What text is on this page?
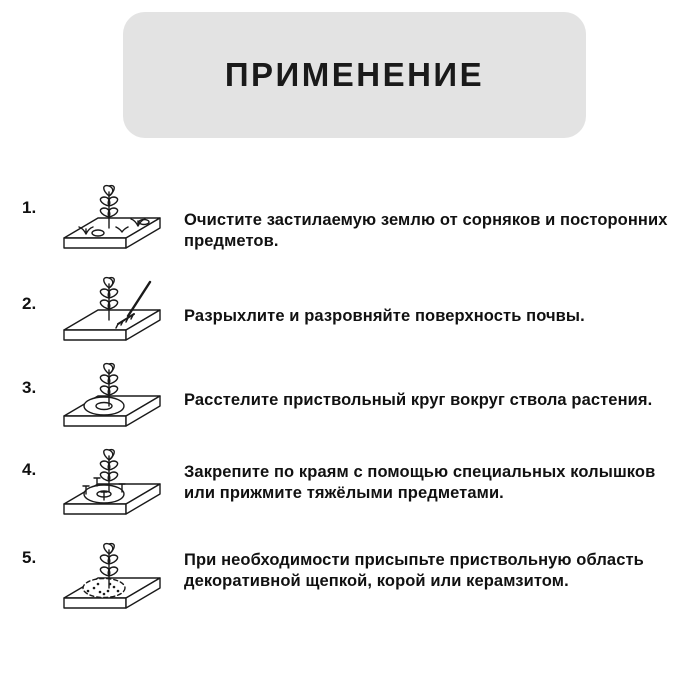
ПРИМЕНЕНИЕ
1.
Очистите застилаемую землю от сорняков и посторонних предметов.
2.
Разрыхлите и разровняйте поверхность почвы.
3.
Расстелите приствольный круг вокруг ствола растения.
4.	Закрепите по краям с помощью специальных колышков или прижмите тяжёлыми предметами.
5.	При необходимости присыпьте приствольную область декоративной щепкой, корой или керамзитом.
